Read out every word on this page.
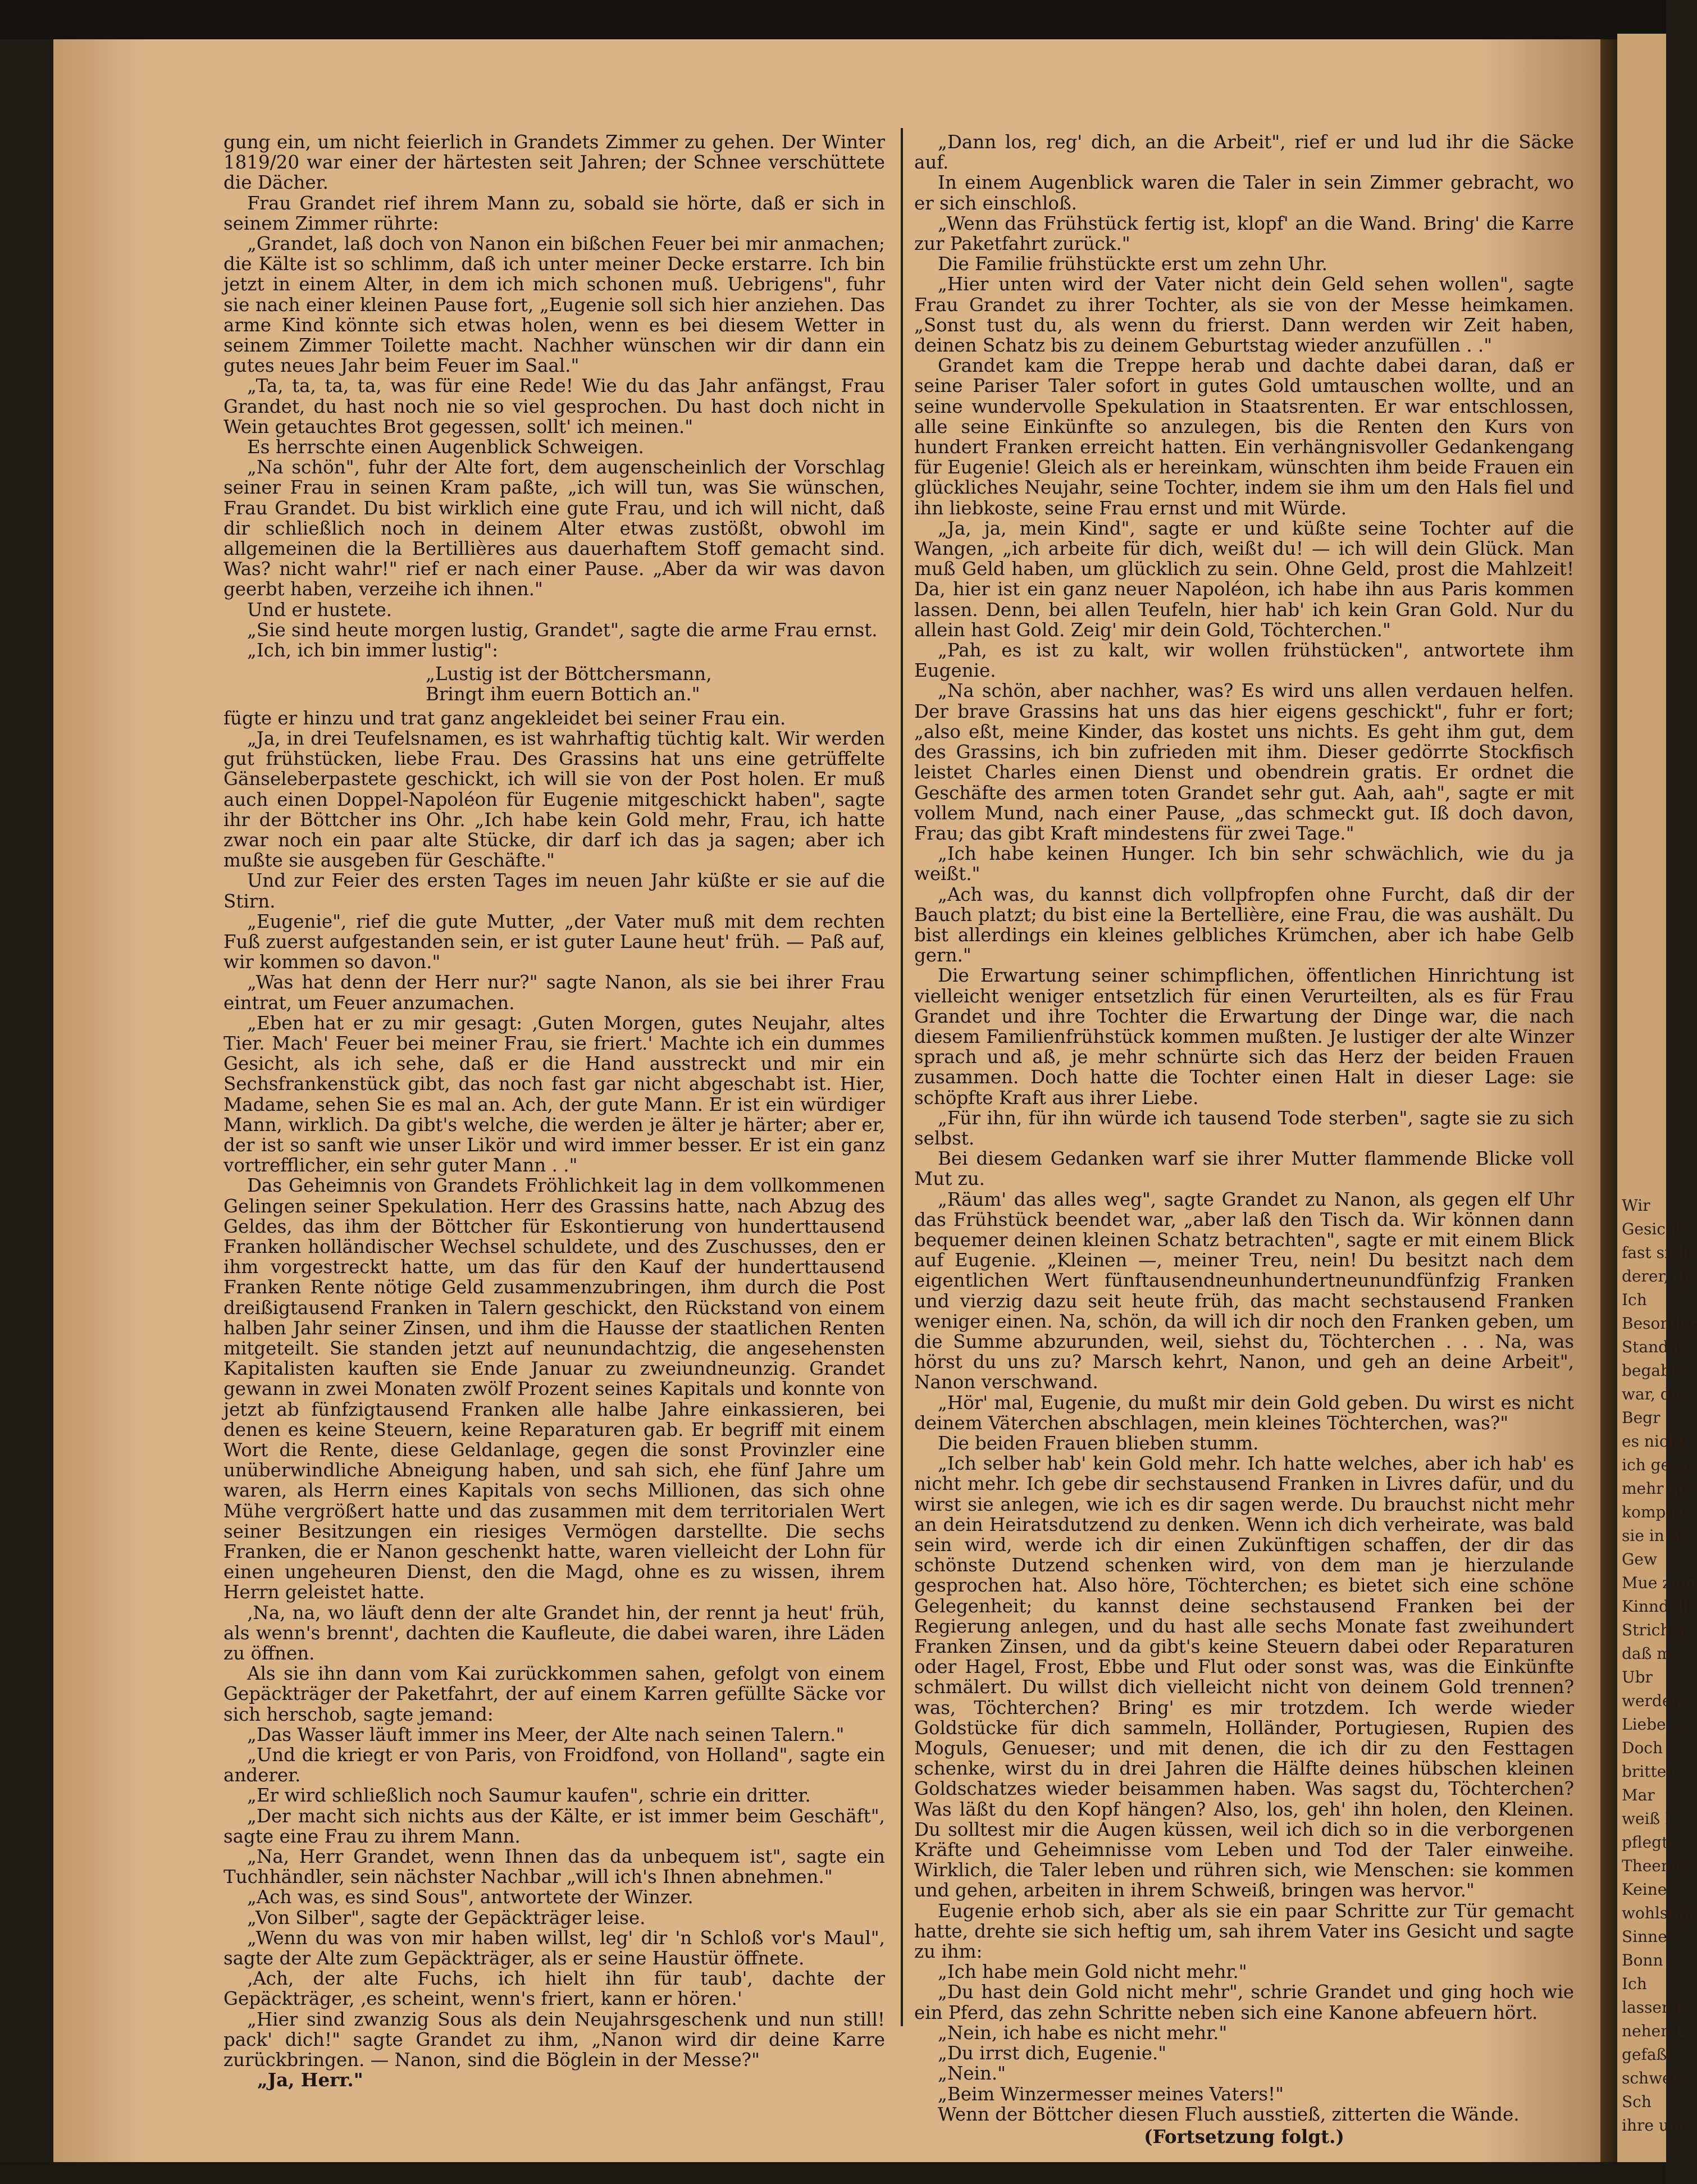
gung ein, um nicht feierlich in Grandets Zimmer zu gehen. Der Winter 1819/20 war einer der härtesten seit Jahren; der Schnee verschüttete die Dächer.

Frau Grandet rief ihrem Mann zu, sobald sie hörte, daß er sich in seinem Zimmer rührte:

„Grandet, laß doch von Nanon ein bißchen Feuer bei mir anmachen; die Kälte ist so schlimm, daß ich unter meiner Decke erstarre. Ich bin jetzt in einem Alter, in dem ich mich schonen muß. Uebrigens", fuhr sie nach einer kleinen Pause fort, „Eugenie soll sich hier anziehen. Das arme Kind könnte sich etwas holen, wenn es bei diesem Wetter in seinem Zimmer Toilette macht. Nachher wünschen wir dir dann ein gutes neues Jahr beim Feuer im Saal."

„Ta, ta, ta, ta, was für eine Rede! Wie du das Jahr anfängst, Frau Grandet, du hast noch nie so viel gesprochen. Du hast doch nicht in Wein getauchtes Brot gegessen, sollt' ich meinen."

Es herrschte einen Augenblick Schweigen.

„Na schön", fuhr der Alte fort, dem augenscheinlich der Vorschlag seiner Frau in seinen Kram paßte, „ich will tun, was Sie wünschen, Frau Grandet. Du bist wirklich eine gute Frau, und ich will nicht, daß dir schließlich noch in deinem Alter etwas zustößt, obwohl im allgemeinen die la Bertillières aus dauerhaftem Stoff gemacht sind. Was? nicht wahr!" rief er nach einer Pause. „Aber da wir was davon geerbt haben, verzeihe ich ihnen."

Und er hustete.

„Sie sind heute morgen lustig, Grandet", sagte die arme Frau ernst.

„Ich, ich bin immer lustig":

„Lustig ist der Böttchersmann,
Bringt ihm euern Bottich an."

fügte er hinzu und trat ganz angekleidet bei seiner Frau ein.

„Ja, in drei Teufelsnamen, es ist wahrhaftig tüchtig kalt. Wir werden gut frühstücken, liebe Frau. Des Grassins hat uns eine getrüffelte Gänseleberpastete geschickt, ich will sie von der Post holen. Er muß auch einen Doppel-Napoléon für Eugenie mitgeschickt haben", sagte ihr der Böttcher ins Ohr. „Ich habe kein Gold mehr, Frau, ich hatte zwar noch ein paar alte Stücke, dir darf ich das ja sagen; aber ich mußte sie ausgeben für Geschäfte."

Und zur Feier des ersten Tages im neuen Jahr küßte er sie auf die Stirn.

„Eugenie", rief die gute Mutter, „der Vater muß mit dem rechten Fuß zuerst aufgestanden sein, er ist guter Laune heut' früh. — Paß auf, wir kommen so davon."

„Was hat denn der Herr nur?" sagte Nanon, als sie bei ihrer Frau eintrat, um Feuer anzumachen.

„Eben hat er zu mir gesagt: ‚Guten Morgen, gutes Neujahr, altes Tier. Mach' Feuer bei meiner Frau, sie friert.' Machte ich ein dummes Gesicht, als ich sehe, daß er die Hand ausstreckt und mir ein Sechsfrankenstück gibt, das noch fast gar nicht abgeschabt ist. Hier, Madame, sehen Sie es mal an. Ach, der gute Mann. Er ist ein würdiger Mann, wirklich. Da gibt's welche, die werden je älter je härter; aber er, der ist so sanft wie unser Likör und wird immer besser. Er ist ein ganz vortrefflicher, ein sehr guter Mann . ."

Das Geheimnis von Grandets Fröhlichkeit lag in dem vollkommenen Gelingen seiner Spekulation. Herr des Grassins hatte, nach Abzug des Geldes, das ihm der Böttcher für Eskontierung von hunderttausend Franken holländischer Wechsel schuldete, und des Zuschusses, den er ihm vorgestreckt hatte, um das für den Kauf der hunderttausend Franken Rente nötige Geld zusammenzubringen, ihm durch die Post dreißigtausend Franken in Talern geschickt, den Rückstand von einem halben Jahr seiner Zinsen, und ihm die Hausse der staatlichen Renten mitgeteilt. Sie standen jetzt auf neunundachtzig, die angesehensten Kapitalisten kauften sie Ende Januar zu zweiundneunzig. Grandet gewann in zwei Monaten zwölf Prozent seines Kapitals und konnte von jetzt ab fünfzigtausend Franken alle halbe Jahre einkassieren, bei denen es keine Steuern, keine Reparaturen gab. Er begriff mit einem Wort die Rente, diese Geldanlage, gegen die sonst Provinzler eine unüberwindliche Abneigung haben, und sah sich, ehe fünf Jahre um waren, als Herrn eines Kapitals von sechs Millionen, das sich ohne Mühe vergrößert hatte und das zusammen mit dem territorialen Wert seiner Besitzungen ein riesiges Vermögen darstellte. Die sechs Franken, die er Nanon geschenkt hatte, waren vielleicht der Lohn für einen ungeheuren Dienst, den die Magd, ohne es zu wissen, ihrem Herrn geleistet hatte.

‚Na, na, wo läuft denn der alte Grandet hin, der rennt ja heut' früh, als wenn's brennt', dachten die Kaufleute, die dabei waren, ihre Läden zu öffnen.

Als sie ihn dann vom Kai zurückkommen sahen, gefolgt von einem Gepäckträger der Paketfahrt, der auf einem Karren gefüllte Säcke vor sich herschob, sagte jemand:

„Das Wasser läuft immer ins Meer, der Alte nach seinen Talern."

„Und die kriegt er von Paris, von Froidfond, von Holland", sagte ein anderer.

„Er wird schließlich noch Saumur kaufen", schrie ein dritter.

„Der macht sich nichts aus der Kälte, er ist immer beim Geschäft", sagte eine Frau zu ihrem Mann.

„Na, Herr Grandet, wenn Ihnen das da unbequem ist", sagte ein Tuchhändler, sein nächster Nachbar „will ich's Ihnen abnehmen."

„Ach was, es sind Sous", antwortete der Winzer.

„Von Silber", sagte der Gepäckträger leise.

„Wenn du was von mir haben willst, leg' dir 'n Schloß vor's Maul", sagte der Alte zum Gepäckträger, als er seine Haustür öffnete.

‚Ach, der alte Fuchs, ich hielt ihn für taub', dachte der Gepäckträger, ‚es scheint, wenn's friert, kann er hören.'

„Hier sind zwanzig Sous als dein Neujahrsgeschenk und nun still! pack' dich!" sagte Grandet zu ihm, „Nanon wird dir deine Karre zurückbringen. — Nanon, sind die Böglein in der Messe?"

„Ja, Herr."

„Dann los, reg' dich, an die Arbeit", rief er und lud ihr die Säcke auf.

In einem Augenblick waren die Taler in sein Zimmer gebracht, wo er sich einschloß.

„Wenn das Frühstück fertig ist, klopf' an die Wand. Bring' die Karre zur Paketfahrt zurück."

Die Familie frühstückte erst um zehn Uhr.

„Hier unten wird der Vater nicht dein Geld sehen wollen", sagte Frau Grandet zu ihrer Tochter, als sie von der Messe heimkamen. „Sonst tust du, als wenn du frierst. Dann werden wir Zeit haben, deinen Schatz bis zu deinem Geburtstag wieder anzufüllen . ."

Grandet kam die Treppe herab und dachte dabei daran, daß er seine Pariser Taler sofort in gutes Gold umtauschen wollte, und an seine wundervolle Spekulation in Staatsrenten. Er war entschlossen, alle seine Einkünfte so anzulegen, bis die Renten den Kurs von hundert Franken erreicht hatten. Ein verhängnisvoller Gedankengang für Eugenie! Gleich als er hereinkam, wünschten ihm beide Frauen ein glückliches Neujahr, seine Tochter, indem sie ihm um den Hals fiel und ihn liebkoste, seine Frau ernst und mit Würde.

„Ja, ja, mein Kind", sagte er und küßte seine Tochter auf die Wangen, „ich arbeite für dich, weißt du! — ich will dein Glück. Man muß Geld haben, um glücklich zu sein. Ohne Geld, prost die Mahlzeit! Da, hier ist ein ganz neuer Napoléon, ich habe ihn aus Paris kommen lassen. Denn, bei allen Teufeln, hier hab' ich kein Gran Gold. Nur du allein hast Gold. Zeig' mir dein Gold, Töchterchen."

„Pah, es ist zu kalt, wir wollen frühstücken", antwortete ihm Eugenie.

„Na schön, aber nachher, was? Es wird uns allen verdauen helfen. Der brave Grassins hat uns das hier eigens geschickt", fuhr er fort; „also eßt, meine Kinder, das kostet uns nichts. Es geht ihm gut, dem des Grassins, ich bin zufrieden mit ihm. Dieser gedörrte Stockfisch leistet Charles einen Dienst und obendrein gratis. Er ordnet die Geschäfte des armen toten Grandet sehr gut. Aah, aah", sagte er mit vollem Mund, nach einer Pause, „das schmeckt gut. Iß doch davon, Frau; das gibt Kraft mindestens für zwei Tage."

„Ich habe keinen Hunger. Ich bin sehr schwächlich, wie du ja weißt."

„Ach was, du kannst dich vollpfropfen ohne Furcht, daß dir der Bauch platzt; du bist eine la Bertellière, eine Frau, die was aushält. Du bist allerdings ein kleines gelbliches Krümchen, aber ich habe Gelb gern."

Die Erwartung seiner schimpflichen, öffentlichen Hinrichtung ist vielleicht weniger entsetzlich für einen Verurteilten, als es für Frau Grandet und ihre Tochter die Erwartung der Dinge war, die nach diesem Familienfrühstück kommen mußten. Je lustiger der alte Winzer sprach und aß, je mehr schnürte sich das Herz der beiden Frauen zusammen. Doch hatte die Tochter einen Halt in dieser Lage: sie schöpfte Kraft aus ihrer Liebe.

„Für ihn, für ihn würde ich tausend Tode sterben", sagte sie zu sich selbst.

Bei diesem Gedanken warf sie ihrer Mutter flammende Blicke voll Mut zu.

„Räum' das alles weg", sagte Grandet zu Nanon, als gegen elf Uhr das Frühstück beendet war, „aber laß den Tisch da. Wir können dann bequemer deinen kleinen Schatz betrachten", sagte er mit einem Blick auf Eugenie. „Kleinen —, meiner Treu, nein! Du besitzt nach dem eigentlichen Wert fünftausendneunhundertneunundfünfzig Franken und vierzig dazu seit heute früh, das macht sechstausend Franken weniger einen. Na, schön, da will ich dir noch den Franken geben, um die Summe abzurunden, weil, siehst du, Töchterchen . . . Na, was hörst du uns zu? Marsch kehrt, Nanon, und geh an deine Arbeit", Nanon verschwand.

„Hör' mal, Eugenie, du mußt mir dein Gold geben. Du wirst es nicht deinem Väterchen abschlagen, mein kleines Töchterchen, was?"

Die beiden Frauen blieben stumm.

„Ich selber hab' kein Gold mehr. Ich hatte welches, aber ich hab' es nicht mehr. Ich gebe dir sechstausend Franken in Livres dafür, und du wirst sie anlegen, wie ich es dir sagen werde. Du brauchst nicht mehr an dein Heiratsdutzend zu denken. Wenn ich dich verheirate, was bald sein wird, werde ich dir einen Zukünftigen schaffen, der dir das schönste Dutzend schenken wird, von dem man je hierzulande gesprochen hat. Also höre, Töchterchen; es bietet sich eine schöne Gelegenheit; du kannst deine sechstausend Franken bei der Regierung anlegen, und du hast alle sechs Monate fast zweihundert Franken Zinsen, und da gibt's keine Steuern dabei oder Reparaturen oder Hagel, Frost, Ebbe und Flut oder sonst was, was die Einkünfte schmälert. Du willst dich vielleicht nicht von deinem Gold trennen? was, Töchterchen? Bring' es mir trotzdem. Ich werde wieder Goldstücke für dich sammeln, Holländer, Portugiesen, Rupien des Moguls, Genueser; und mit denen, die ich dir zu den Festtagen schenke, wirst du in drei Jahren die Hälfte deines hübschen kleinen Goldschatzes wieder beisammen haben. Was sagst du, Töchterchen? Was läßt du den Kopf hängen? Also, los, geh' ihn holen, den Kleinen. Du solltest mir die Augen küssen, weil ich dich so in die verborgenen Kräfte und Geheimnisse vom Leben und Tod der Taler einweihe. Wirklich, die Taler leben und rühren sich, wie Menschen: sie kommen und gehen, arbeiten in ihrem Schweiß, bringen was hervor."

Eugenie erhob sich, aber als sie ein paar Schritte zur Tür gemacht hatte, drehte sie sich heftig um, sah ihrem Vater ins Gesicht und sagte zu ihm:

„Ich habe mein Gold nicht mehr."

„Du hast dein Gold nicht mehr", schrie Grandet und ging hoch wie ein Pferd, das zehn Schritte neben sich eine Kanone abfeuern hört.

„Nein, ich habe es nicht mehr."

„Du irrst dich, Eugenie."

„Nein."

„Beim Winzermesser meines Vaters!"

Wenn der Böttcher diesen Fluch ausstieß, zitterten die Wände.

(Fortsetzung folgt.)

Wir
Gesicht
fast sich
derer, di
Ich
Besonder
Standhe
begabt.
war, die
Begr
es nicht
ich gewe
mehr ge
kompliz
sie in A
Gew
Mue zum
Kinndall
Strich g
daß mi
Ubr
werden,
Liebe e
Doch
britten
Mar
weiß P
pflegte:
Theends
Keine
wohlstän
Sinne
Bonn
Ich
lassen t
nehen L
gefaßt
schwer
Sch
ihre um
